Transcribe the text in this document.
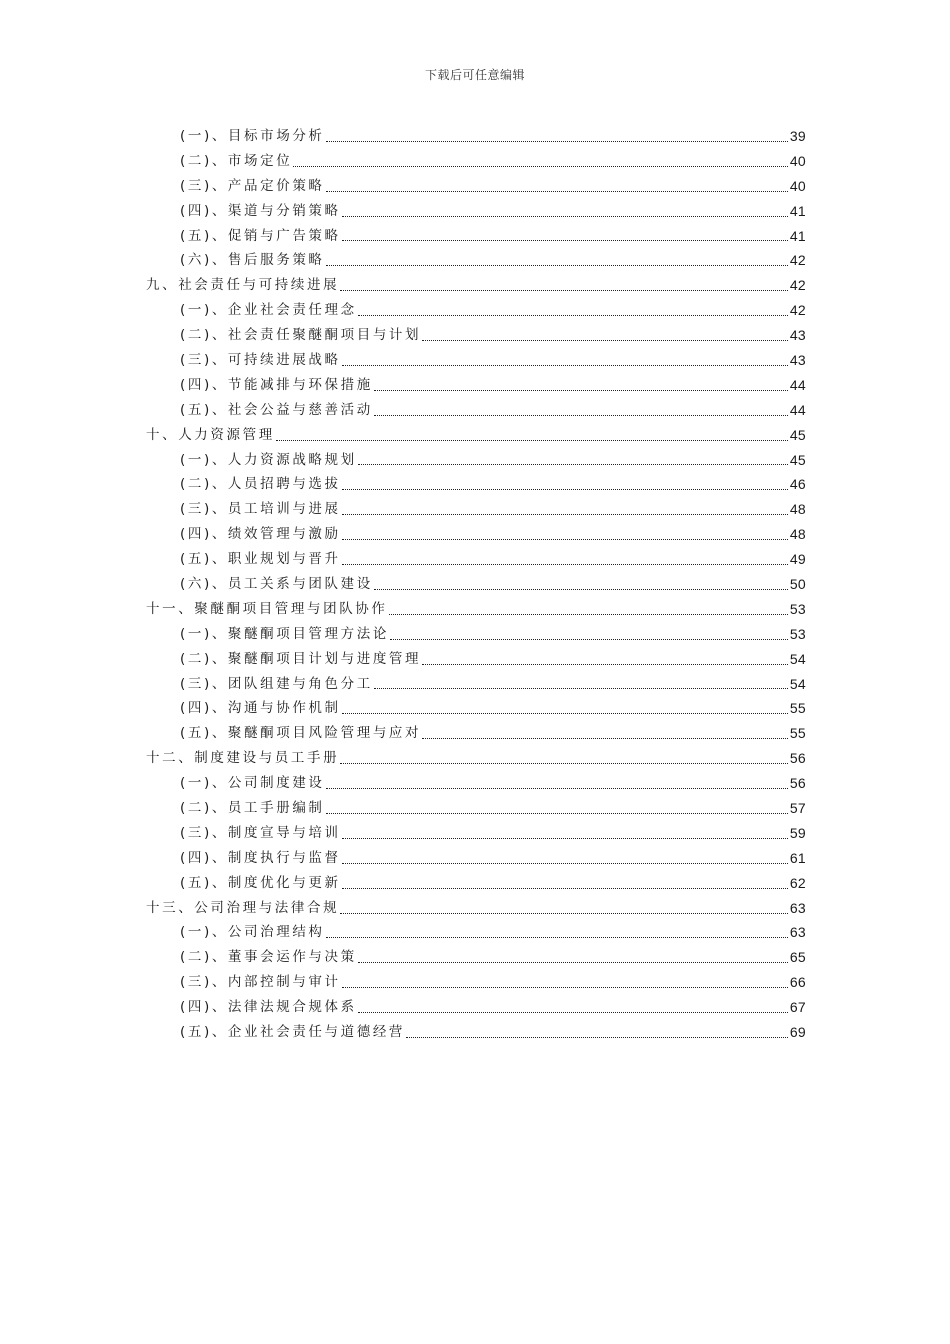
下载后可任意编辑
(一)、目标市场分析	39
(二)、市场定位	40
(三)、产品定价策略	40
(四)、渠道与分销策略	41
(五)、促销与广告策略	41
(六)、售后服务策略	42
九、社会责任与可持续进展	42
(一)、企业社会责任理念	42
(二)、社会责任聚醚酮项目与计划	43
(三)、可持续进展战略	43
(四)、节能减排与环保措施	44
(五)、社会公益与慈善活动	44
十、人力资源管理	45
(一)、人力资源战略规划	45
(二)、人员招聘与选拔	46
(三)、员工培训与进展	48
(四)、绩效管理与激励	48
(五)、职业规划与晋升	49
(六)、员工关系与团队建设	50
十一、聚醚酮项目管理与团队协作	53
(一)、聚醚酮项目管理方法论	53
(二)、聚醚酮项目计划与进度管理	54
(三)、团队组建与角色分工	54
(四)、沟通与协作机制	55
(五)、聚醚酮项目风险管理与应对	55
十二、制度建设与员工手册	56
(一)、公司制度建设	56
(二)、员工手册编制	57
(三)、制度宣导与培训	59
(四)、制度执行与监督	61
(五)、制度优化与更新	62
十三、公司治理与法律合规	63
(一)、公司治理结构	63
(二)、董事会运作与决策	65
(三)、内部控制与审计	66
(四)、法律法规合规体系	67
(五)、企业社会责任与道德经营	69
